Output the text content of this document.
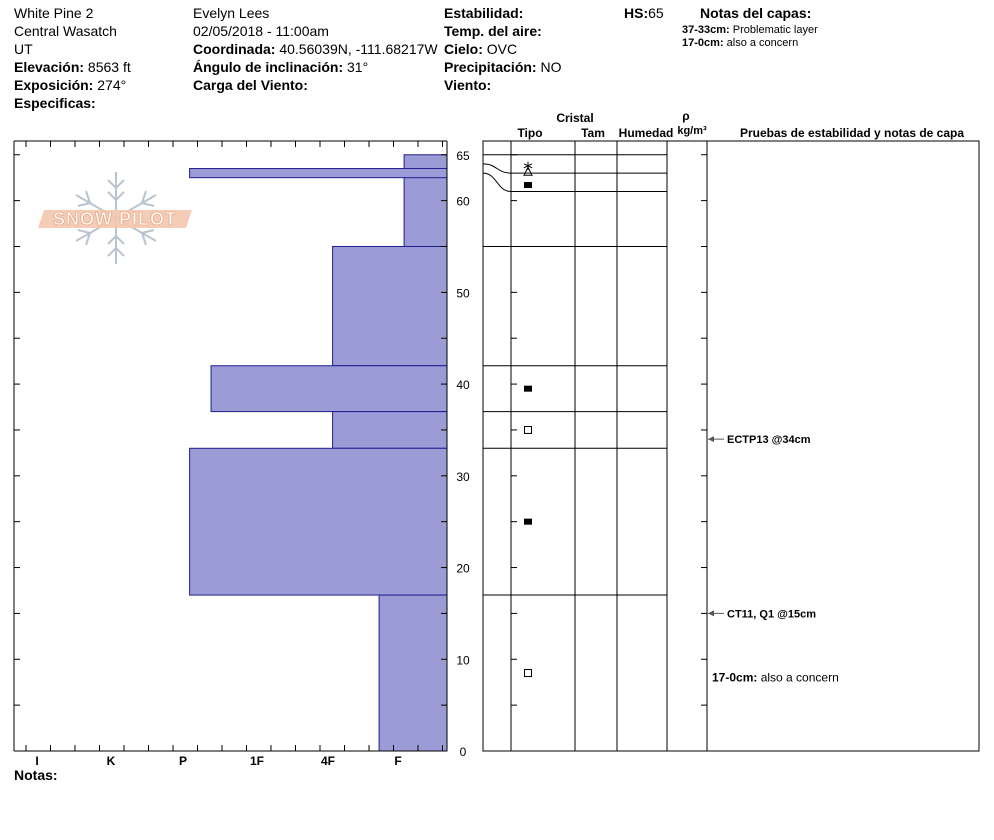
White Pine 2
Central Wasatch
UT
Elevación: 8563 ft
Exposición: 274°
Especificas:
Evelyn Lees
02/05/2018 - 11:00am
Coordinada: 40.56039N, -111.68217W
Ángulo de inclinación: 31°
Carga del Viento:
Estabilidad:
Temp. del aire:
Cielo: OVC
Precipitación: NO
Viento:
HS:65	Notas del capas:
37-33cm: Problematic layer
17-0cm: also a concern
Notas:
SNOW PILOT
0
10
20
30
40
50
60
65
I	K	P	1F	4F	F
Cristal
Tipo	Tam Humedad
ρ
kg/m³	Pruebas de estabilidad y notas de capa
ECTP13 @34cm
CT11, Q1 @15cm
17-0cm: also a concern
